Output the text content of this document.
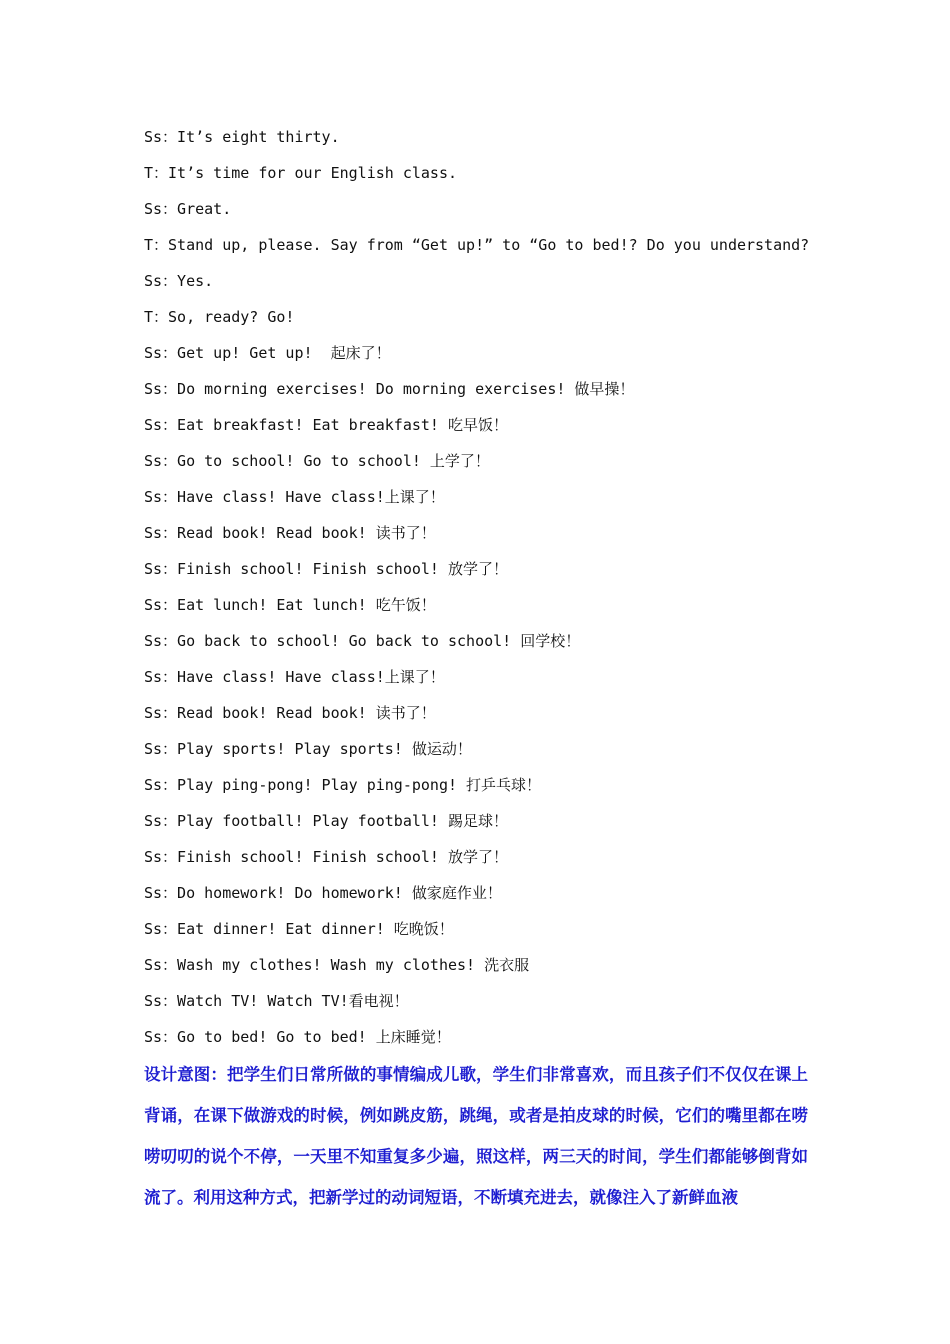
Ss：It’s eight thirty.
T：It’s time for our English class.
Ss：Great.
T：Stand up, please. Say from “Get up!” to “Go to bed!? Do you understand?
Ss：Yes.
T：So, ready? Go!
Ss：Get up! Get up!  起床了！
Ss：Do morning exercises! Do morning exercises! 做早操！
Ss：Eat breakfast! Eat breakfast! 吃早饭！
Ss：Go to school! Go to school! 上学了！
Ss：Have class! Have class!上课了！
Ss：Read book! Read book! 读书了！
Ss：Finish school! Finish school! 放学了！
Ss：Eat lunch! Eat lunch! 吃午饭！
Ss：Go back to school! Go back to school! 回学校！
Ss：Have class! Have class!上课了！
Ss：Read book! Read book! 读书了！
Ss：Play sports! Play sports! 做运动！
Ss：Play ping-pong! Play ping-pong! 打乒乓球！
Ss：Play football! Play football! 踢足球！
Ss：Finish school! Finish school! 放学了！
Ss：Do homework! Do homework! 做家庭作业！
Ss：Eat dinner! Eat dinner! 吃晚饭！
Ss：Wash my clothes! Wash my clothes! 洗衣服
Ss：Watch TV! Watch TV!看电视！
Ss：Go to bed! Go to bed! 上床睡觉！
设计意图：把学生们日常所做的事情编成儿歌，学生们非常喜欢，而且孩子们不仅仅在课上背诵，在课下做游戏的时候，例如跳皮筋，跳绳，或者是拍皮球的时候，它们的嘴里都在唠唠叨叨的说个不停，一天里不知重复多少遍，照这样，两三天的时间，学生们都能够倒背如流了。利用这种方式，把新学过的动词短语，不断填充进去，就像注入了新鲜血液
